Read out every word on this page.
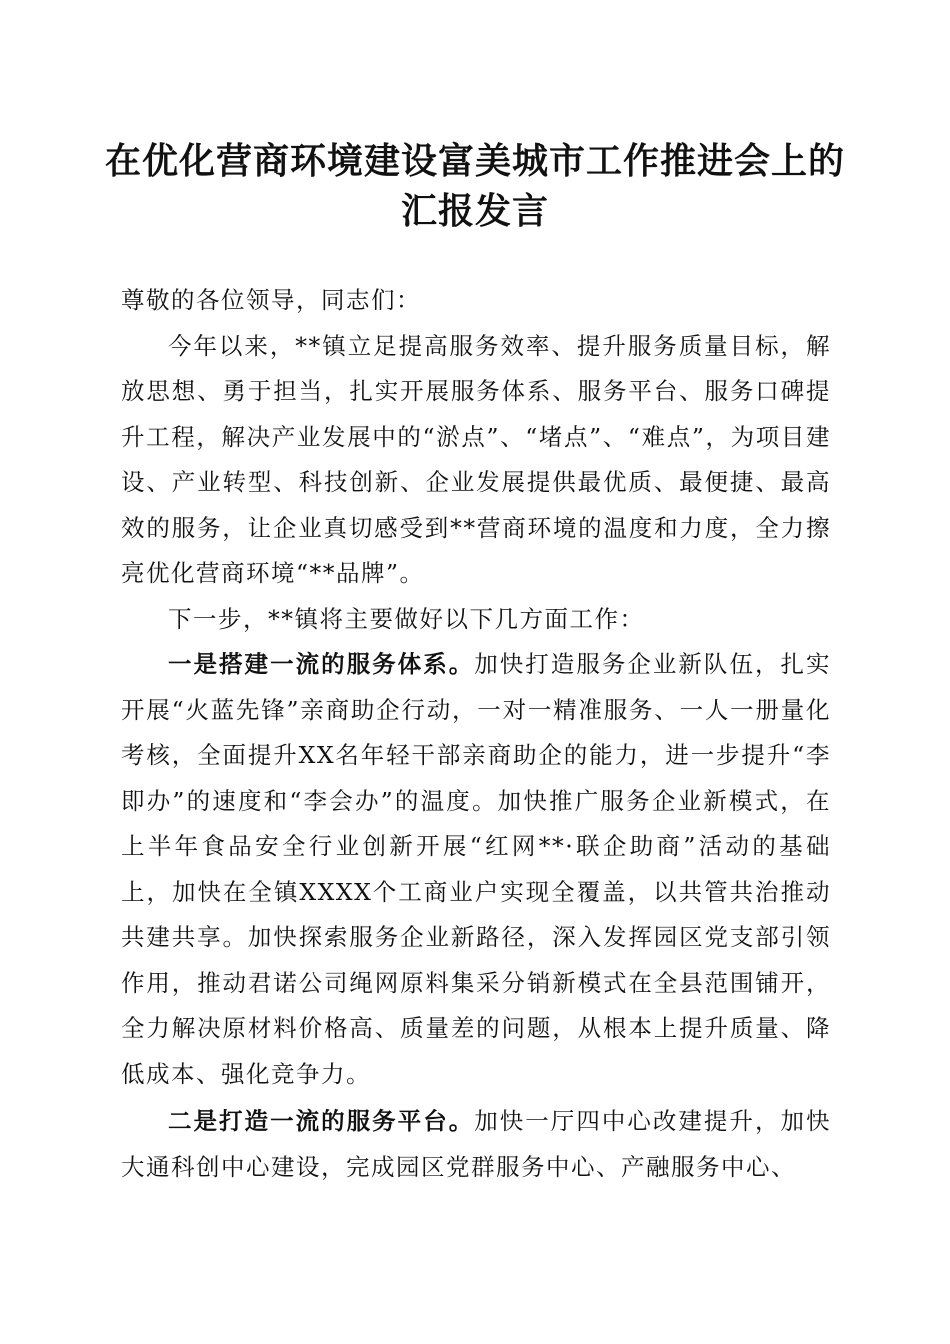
在优化营商环境建设富美城市工作推进会上的
汇报发言

尊敬的各位领导，同志们：

今年以来，**镇立足提高服务效率、提升服务质量目标，解放思想、勇于担当，扎实开展服务体系、服务平台、服务口碑提升工程，解决产业发展中的“淤点”、“堵点”、“难点”，为项目建设、产业转型、科技创新、企业发展提供最优质、最便捷、最高效的服务，让企业真切感受到**营商环境的温度和力度，全力擦亮优化营商环境“**品牌”。

下一步，**镇将主要做好以下几方面工作：

一是搭建一流的服务体系。加快打造服务企业新队伍，扎实开展“火蓝先锋”亲商助企行动，一对一精准服务、一人一册量化考核，全面提升XX名年轻干部亲商助企的能力，进一步提升“李即办”的速度和“李会办”的温度。加快推广服务企业新模式，在上半年食品安全行业创新开展“红网**·联企助商”活动的基础上，加快在全镇XXXX个工商业户实现全覆盖，以共管共治推动共建共享。加快探索服务企业新路径，深入发挥园区党支部引领作用，推动君诺公司绳网原料集采分销新模式在全县范围铺开，全力解决原材料价格高、质量差的问题，从根本上提升质量、降低成本、强化竞争力。

二是打造一流的服务平台。加快一厅四中心改建提升，加快大通科创中心建设，完成园区党群服务中心、产融服务中心、
